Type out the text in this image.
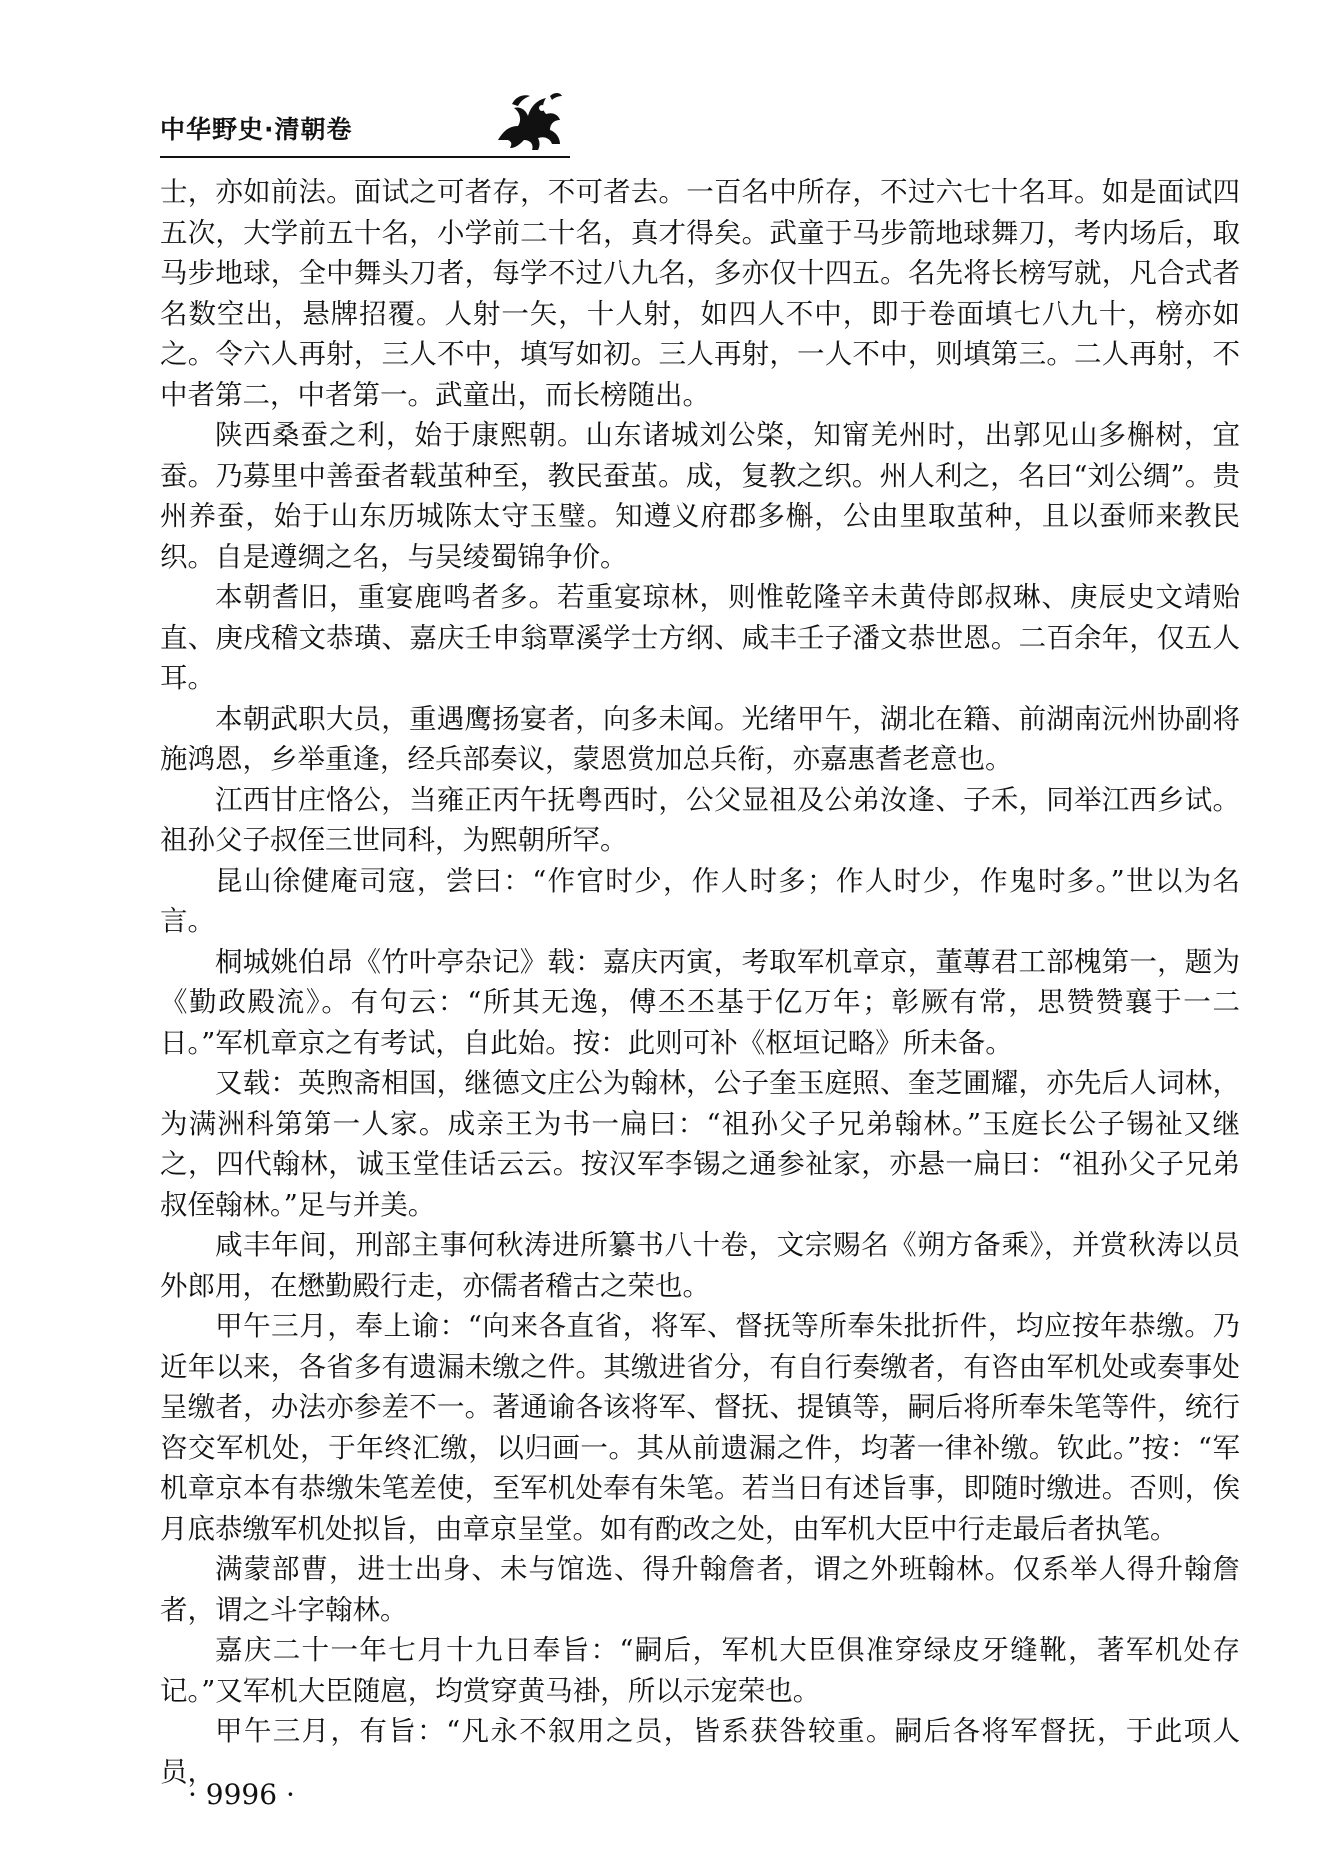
中华野史·清朝卷

士，亦如前法。面试之可者存，不可者去。一百名中所存，不过六七十名耳。如是面试四五次，大学前五十名，小学前二十名，真才得矣。武童于马步箭地球舞刀，考内场后，取马步地球，全中舞头刀者，每学不过八九名，多亦仅十四五。名先将长榜写就，凡合式者名数空出，悬牌招覆。人射一矢，十人射，如四人不中，即于卷面填七八九十，榜亦如之。令六人再射，三人不中，填写如初。三人再射，一人不中，则填第三。二人再射，不中者第二，中者第一。武童出，而长榜随出。

陕西桑蚕之利，始于康熙朝。山东诸城刘公棨，知甯羌州时，出郭见山多槲树，宜蚕。乃募里中善蚕者载茧种至，教民蚕茧。成，复教之织。州人利之，名曰“刘公绸”。贵州养蚕，始于山东历城陈太守玉璧。知遵义府郡多槲，公由里取茧种，且以蚕师来教民织。自是遵绸之名，与吴绫蜀锦争价。

本朝耆旧，重宴鹿鸣者多。若重宴琼林，则惟乾隆辛未黄侍郎叔琳、庚辰史文靖贻直、庚戌稽文恭璜、嘉庆壬申翁覃溪学士方纲、咸丰壬子潘文恭世恩。二百余年，仅五人耳。

本朝武职大员，重遇鹰扬宴者，向多未闻。光绪甲午，湖北在籍、前湖南沅州协副将施鸿恩，乡举重逢，经兵部奏议，蒙恩赏加总兵衔，亦嘉惠耆老意也。

江西甘庄恪公，当雍正丙午抚粤西时，公父显祖及公弟汝逢、子禾，同举江西乡试。祖孙父子叔侄三世同科，为熙朝所罕。

昆山徐健庵司寇，尝曰：“作官时少，作人时多；作人时少，作鬼时多。”世以为名言。

桐城姚伯昂《竹叶亭杂记》载：嘉庆丙寅，考取军机章京，董蓴君工部槐第一，题为《勤政殿流》。有句云：“所其无逸，傅丕丕基于亿万年；彰厥有常，思赞赞襄于一二日。”军机章京之有考试，自此始。按：此则可补《枢垣记略》所未备。

又载：英煦斋相国，继德文庄公为翰林，公子奎玉庭照、奎芝圃耀，亦先后人词林，为满洲科第第一人家。成亲王为书一扁曰：“祖孙父子兄弟翰林。”玉庭长公子锡祉又继之，四代翰林，诚玉堂佳话云云。按汉军李锡之通参祉家，亦悬一扁曰：“祖孙父子兄弟叔侄翰林。”足与并美。

咸丰年间，刑部主事何秋涛进所纂书八十卷，文宗赐名《朔方备乘》，并赏秋涛以员外郎用，在懋勤殿行走，亦儒者稽古之荣也。

甲午三月，奉上谕：“向来各直省，将军、督抚等所奉朱批折件，均应按年恭缴。乃近年以来，各省多有遗漏未缴之件。其缴进省分，有自行奏缴者，有咨由军机处或奏事处呈缴者，办法亦参差不一。著通谕各该将军、督抚、提镇等，嗣后将所奉朱笔等件，统行咨交军机处，于年终汇缴，以归画一。其从前遗漏之件，均著一律补缴。钦此。”按：“军机章京本有恭缴朱笔差使，至军机处奉有朱笔。若当日有述旨事，即随时缴进。否则，俟月底恭缴军机处拟旨，由章京呈堂。如有酌改之处，由军机大臣中行走最后者执笔。

满蒙部曹，进士出身、未与馆选、得升翰詹者，谓之外班翰林。仅系举人得升翰詹者，谓之斗字翰林。

嘉庆二十一年七月十九日奉旨：“嗣后，军机大臣俱准穿绿皮牙缝靴，著军机处存记。”又军机大臣随扈，均赏穿黄马褂，所以示宠荣也。

甲午三月，有旨：“凡永不叙用之员，皆系获咎较重。嗣后各将军督抚，于此项人员，

· 9996 ·
